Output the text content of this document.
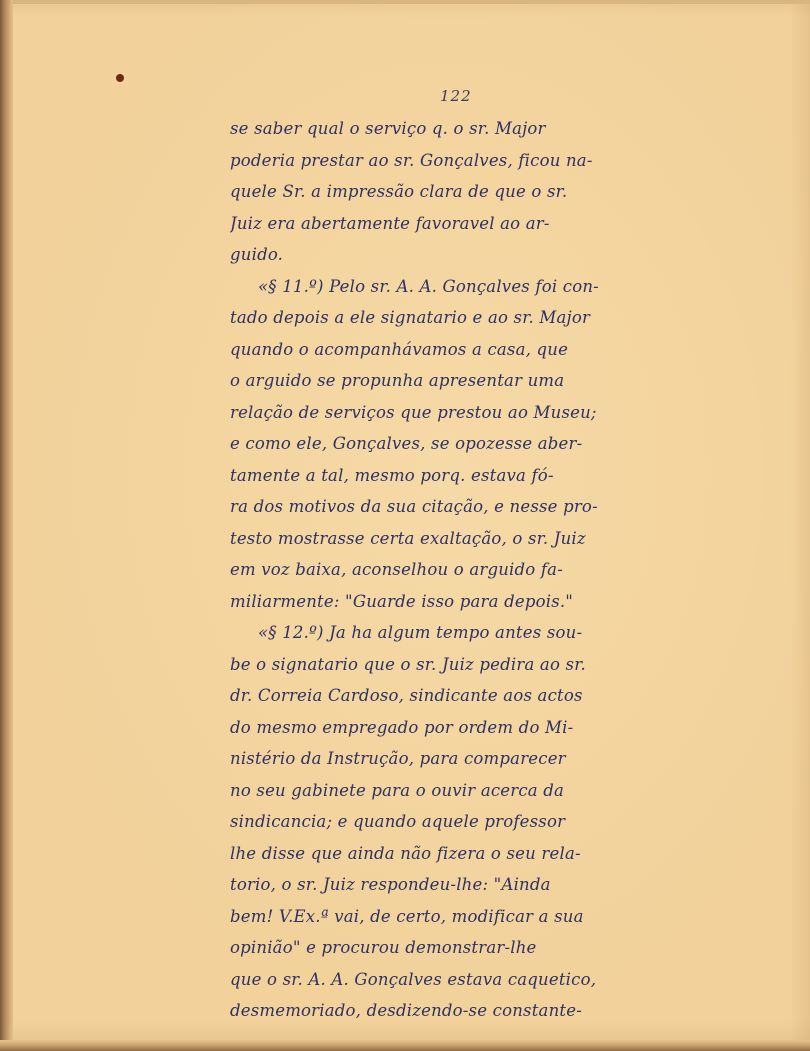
122
se saber qual o serviço q. o sr. Major
poderia prestar ao sr. Gonçalves, ficou na-
quele Sr. a impressão clara de que o sr.
Juiz era abertamente favoravel ao ar-
guido.
«§ 11.º) Pelo sr. A. A. Gonçalves foi con-
tado depois a ele signatario e ao sr. Major
quando o acompanhávamos a casa, que
o arguido se propunha apresentar uma
relação de serviços que prestou ao Museu;
e como ele, Gonçalves, se opozesse aber-
tamente a tal, mesmo porq. estava fó-
ra dos motivos da sua citação, e nesse pro-
testo mostrasse certa exaltação, o sr. Juiz
em voz baixa, aconselhou o arguido fa-
miliarmente: "Guarde isso para depois."
«§ 12.º) Ja ha algum tempo antes sou-
be o signatario que o sr. Juiz pedira ao sr.
dr. Correia Cardoso, sindicante aos actos
do mesmo empregado por ordem do Mi-
nistério da Instrução, para comparecer
no seu gabinete para o ouvir acerca da
sindicancia; e quando aquele professor
lhe disse que ainda não fizera o seu rela-
torio, o sr. Juiz respondeu-lhe: "Ainda
bem! V.Ex.ª vai, de certo, modificar a sua
opinião" e procurou demonstrar-lhe
que o sr. A. A. Gonçalves estava caquetico,
desmemoriado, desdizendo-se constante-
